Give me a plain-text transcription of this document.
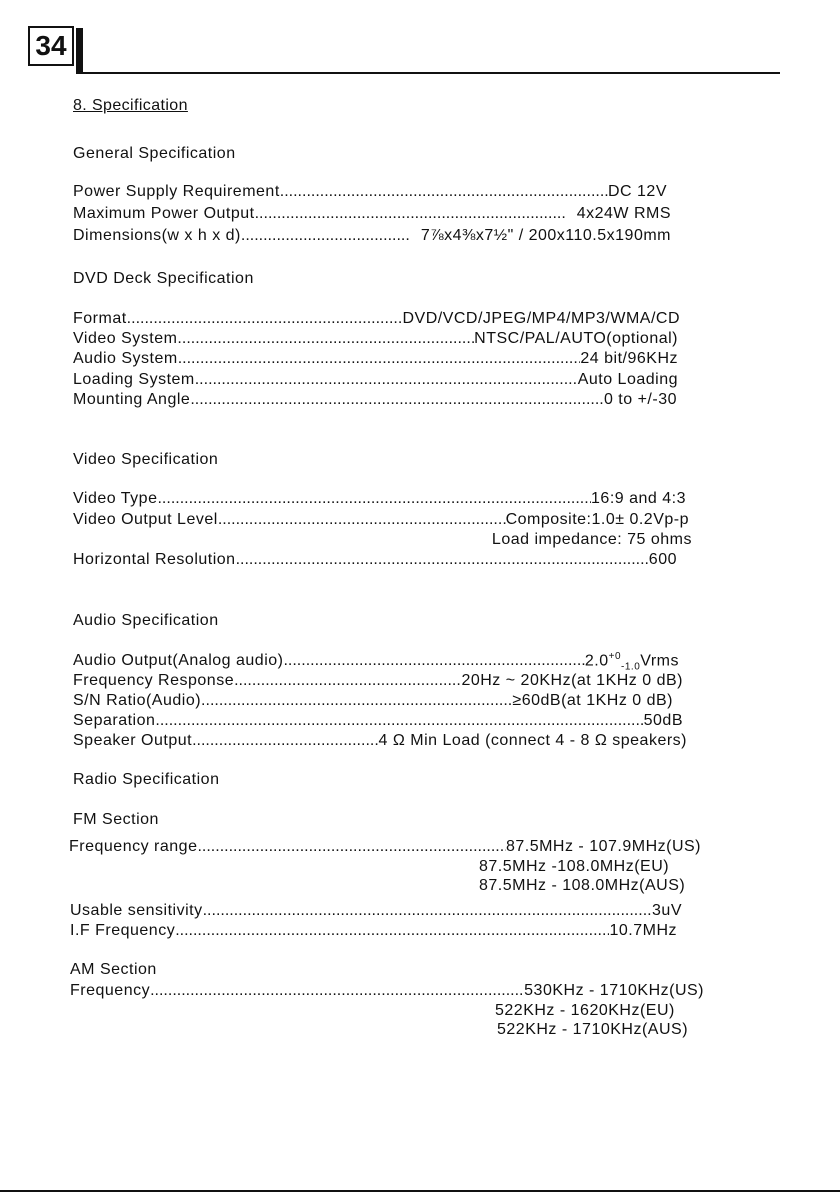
34
8. Specification
General Specification
Power Supply Requirement .....	DC 12V
Maximum Power Output .....	4x24W RMS
Dimensions(w x h x d) .....	7⅞x4⅜x7½" / 200x110.5x190mm
DVD Deck Specification
Format .....	DVD/VCD/JPEG/MP4/MP3/WMA/CD
Video System .....	NTSC/PAL/AUTO(optional)
Audio System .....	24 bit/96KHz
Loading System .....	Auto Loading
Mounting Angle .....	0 to +/-30
Video Specification
Video Type .....	16:9 and 4:3
Video Output Level .....	Composite:1.0± 0.2Vp-p
Load impedance: 75 ohms
Horizontal Resolution .....	600
Audio Specification
Audio Output(Analog audio) .....	$2.0^{+0}_{-1.0}Vrms$
Frequency Response .....	20Hz ~ 20KHz(at 1KHz 0 dB)
S/N Ratio(Audio) .....	≥60dB(at 1KHz 0 dB)
Separation .....	50dB
Speaker Output .....	4 Ω Min Load (connect 4 - 8 Ω speakers)
Radio Specification
FM Section
Frequency range .....	87.5MHz - 107.9MHz(US)
87.5MHz -108.0MHz(EU)
87.5MHz - 108.0MHz(AUS)
Usable sensitivity .....	3uV
I.F Frequency .....	10.7MHz
AM Section
Frequency .....	530KHz - 1710KHz(US)
522KHz - 1620KHz(EU)
522KHz - 1710KHz(AUS)
